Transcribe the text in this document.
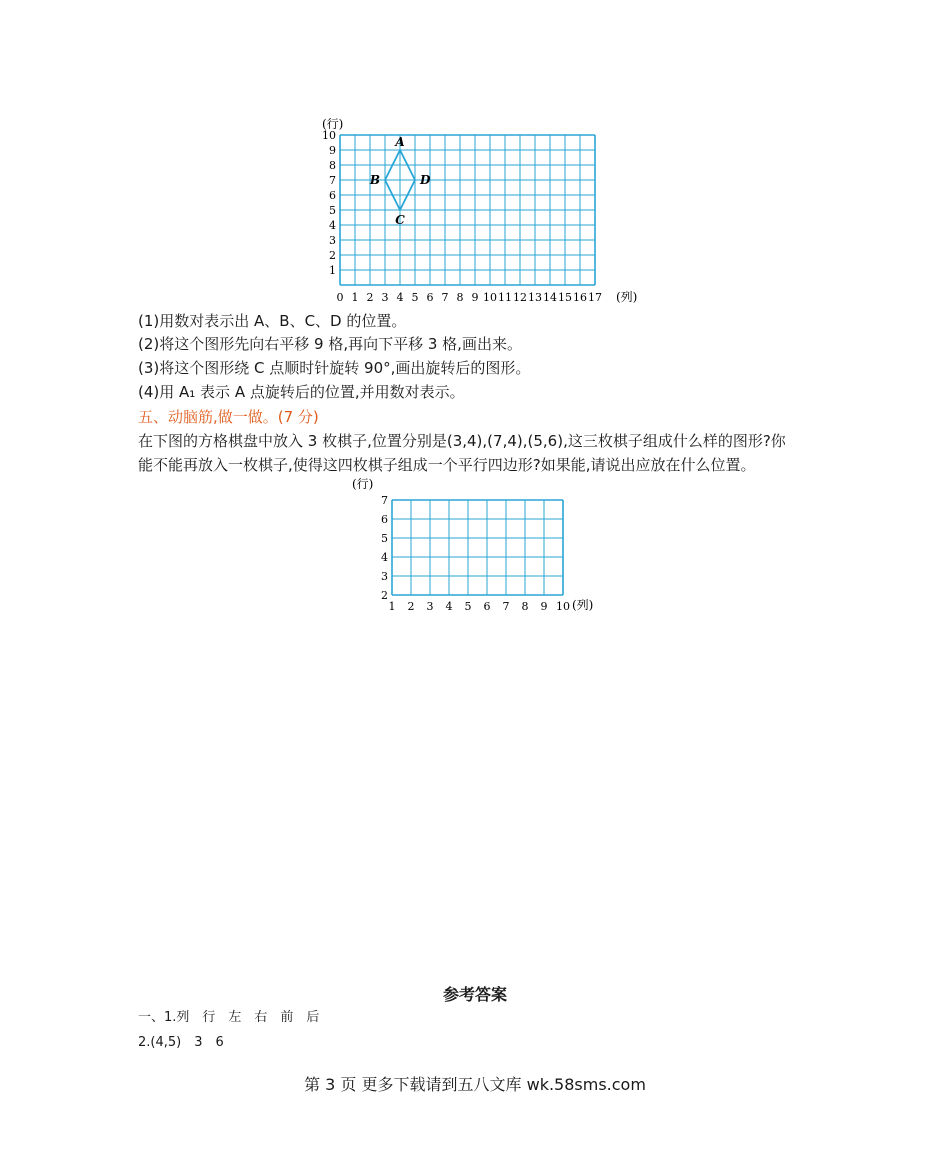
0 1 2 3 4 5 6 7 8 9 10 11 12 13 14 15 16 17
1
2
3
4
5
6
7
8
9
10	A
B
C
D
(行)
(列)
(1)用数对表示出 A、B、C、D 的位置。
(2)将这个图形先向右平移 9 格,再向下平移 3 格,画出来。
(3)将这个图形绕 C 点顺时针旋转 90°,画出旋转后的图形。
(4)用 A₁ 表示 A 点旋转后的位置,并用数对表示。
五、动脑筋,做一做。(7 分)
在下图的方格棋盘中放入 3 枚棋子,位置分别是(3,4),(7,4),(5,6),这三枚棋子组成什么样的图形?你
能不能再放入一枚棋子,使得这四枚棋子组成一个平行四边形?如果能,请说出应放在什么位置。
1 2 3 4 5 6 7 8 9 10
2
3
4
5
6
7
(行)
(列)
参考答案
一、1.列　行　左　右　前　后
2.(4,5)　3　6
第 3 页 更多下载请到五八文库 wk.58sms.com
